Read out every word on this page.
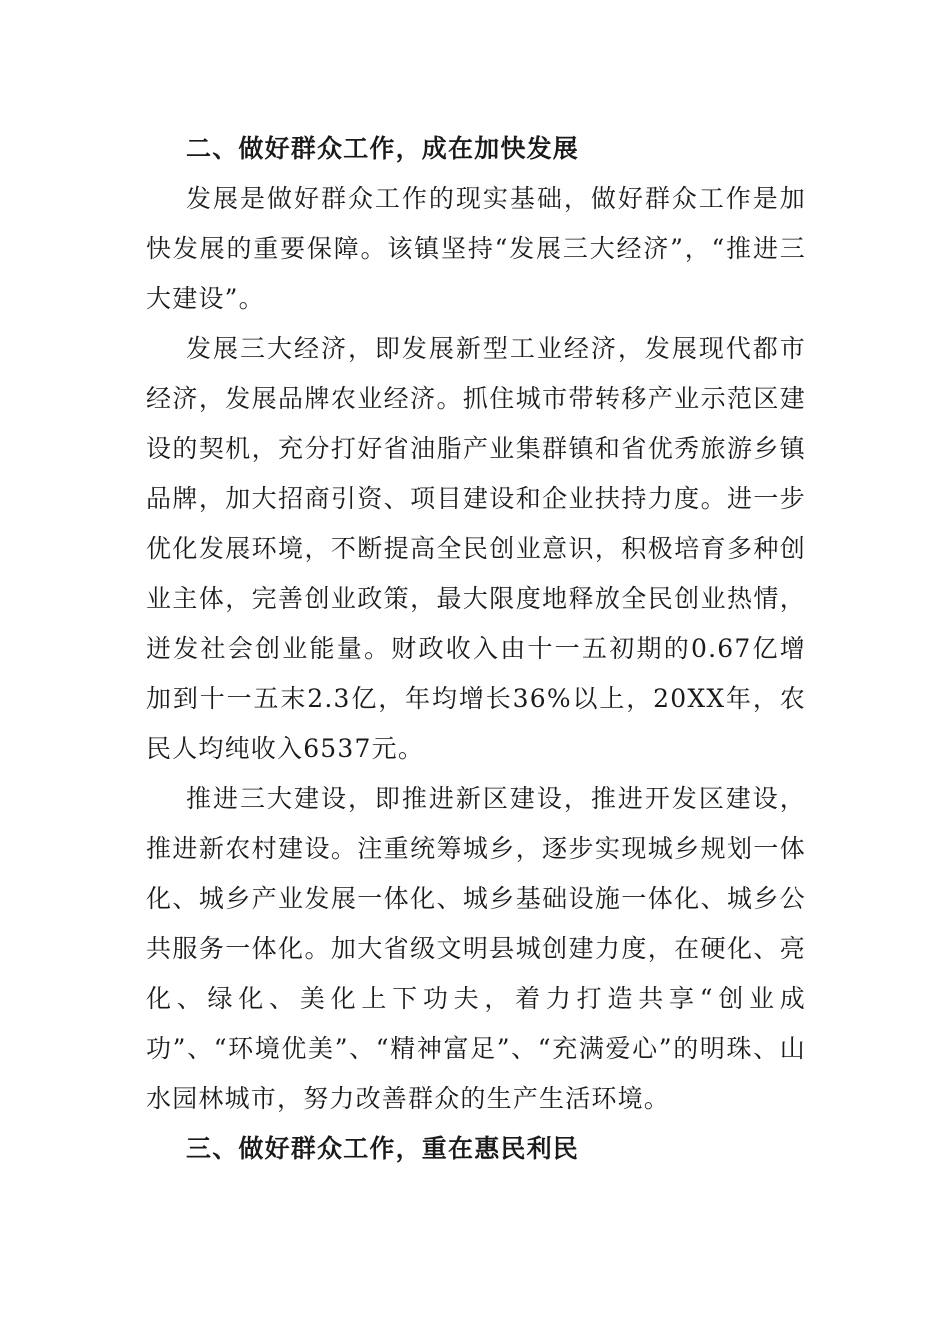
二、做好群众工作，成在加快发展

发展是做好群众工作的现实基础，做好群众工作是加快发展的重要保障。该镇坚持“发展三大经济”，“推进三大建设”。

发展三大经济，即发展新型工业经济，发展现代都市经济，发展品牌农业经济。抓住城市带转移产业示范区建设的契机，充分打好省油脂产业集群镇和省优秀旅游乡镇品牌，加大招商引资、项目建设和企业扶持力度。进一步优化发展环境，不断提高全民创业意识，积极培育多种创业主体，完善创业政策，最大限度地释放全民创业热情，迸发社会创业能量。财政收入由十一五初期的0.67亿增加到十一五末2.3亿，年均增长36%以上，20XX年，农民人均纯收入6537元。

推进三大建设，即推进新区建设，推进开发区建设，推进新农村建设。注重统筹城乡，逐步实现城乡规划一体化、城乡产业发展一体化、城乡基础设施一体化、城乡公共服务一体化。加大省级文明县城创建力度，在硬化、亮化、绿化、美化上下功夫，着力打造共享“创业成功”、“环境优美”、“精神富足”、“充满爱心”的明珠、山水园林城市，努力改善群众的生产生活环境。

三、做好群众工作，重在惠民利民
